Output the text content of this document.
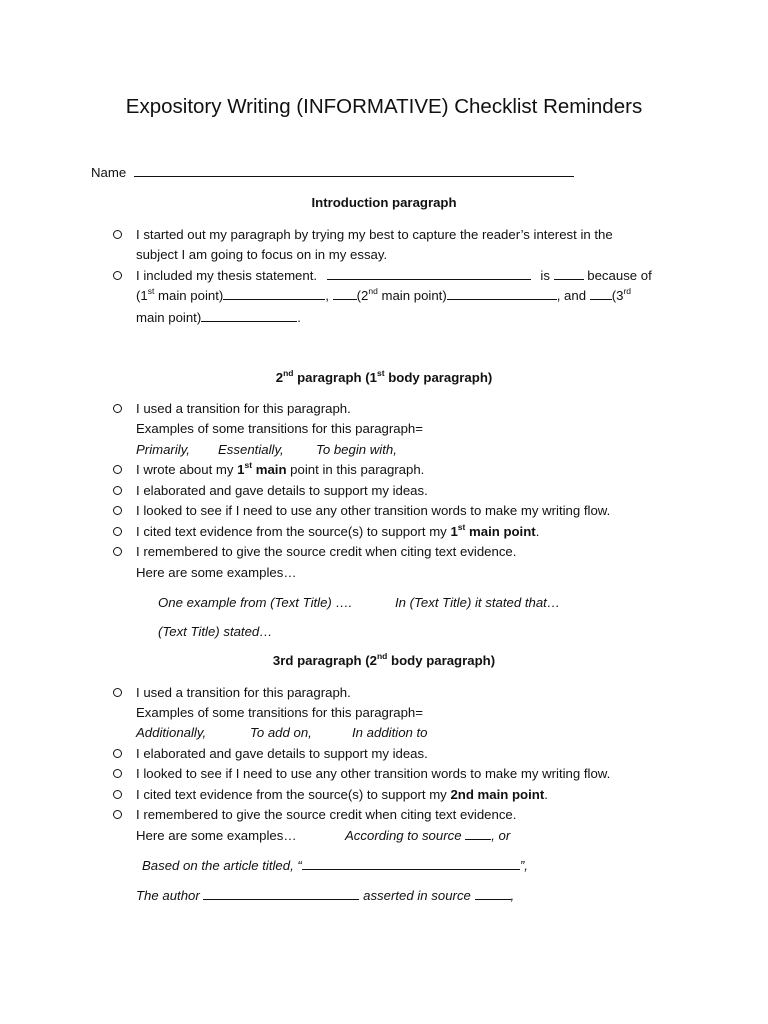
Expository Writing (INFORMATIVE) Checklist Reminders
Name
Introduction paragraph
I started out my paragraph by trying my best to capture the reader’s interest in the
subject I am going to focus on in my essay.
I included my thesis statement.	is	because of
(1st main point)	, (2nd main point)	, and (3rd
main point)	.
2nd paragraph (1st body paragraph)
I used a transition for this paragraph.
Examples of some transitions for this paragraph=
Primarily, Essentially, To begin with,
I wrote about my 1st main point in this paragraph.
I elaborated and gave details to support my ideas.
I looked to see if I need to use any other transition words to make my writing flow.
I cited text evidence from the source(s) to support my 1st main point.
I remembered to give the source credit when citing text evidence.
Here are some examples…
One example from (Text Title) ….	In (Text Title) it stated that…
(Text Title) stated…
3rd paragraph (2nd body paragraph)
I used a transition for this paragraph.
Examples of some transitions for this paragraph=
Additionally,	To add on,	In addition to
I elaborated and gave details to support my ideas.
I looked to see if I need to use any other transition words to make my writing flow.
I cited text evidence from the source(s) to support my 2nd main point.
I remembered to give the source credit when citing text evidence.
Here are some examples…	According to source , or
Based on the article titled, “	”,
The author	asserted in source	,
